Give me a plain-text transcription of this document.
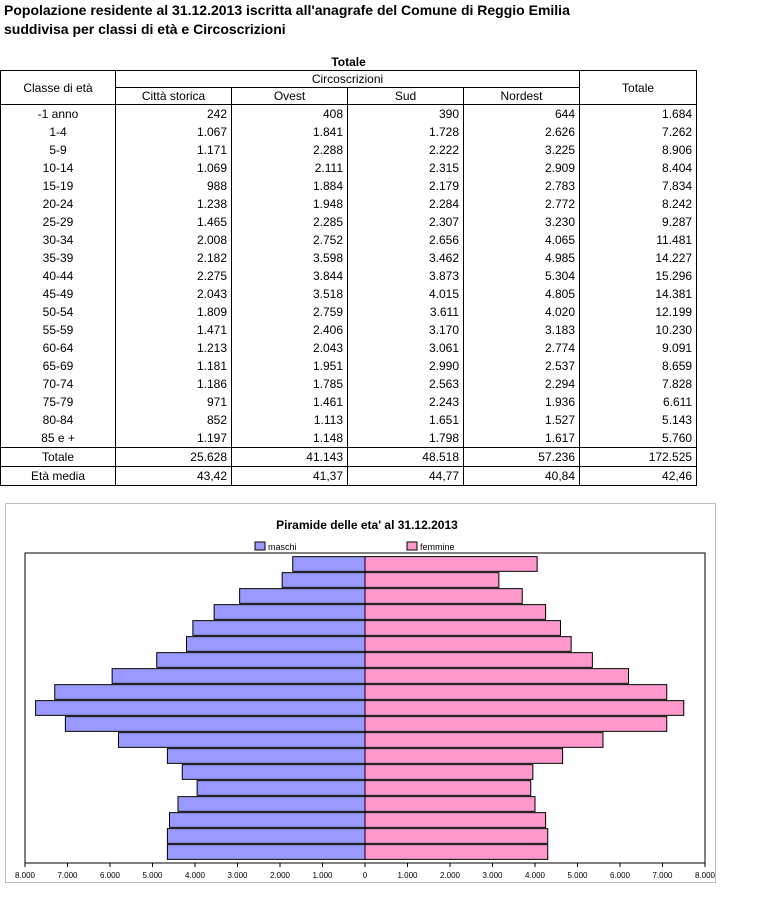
Popolazione residente al 31.12.2013 iscritta all'anagrafe del Comune di Reggio Emilia
suddivisa per classi di età e Circoscrizioni
Totale					
Classe di età	Circoscrizioni				Totale
	Città storica	Ovest	Sud	Nordest	
-1 anno	242	408	390	644	1.684
1-4	1.067	1.841	1.728	2.626	7.262
5-9	1.171	2.288	2.222	3.225	8.906
10-14	1.069	2.111	2.315	2.909	8.404
15-19	988	1.884	2.179	2.783	7.834
20-24	1.238	1.948	2.284	2.772	8.242
25-29	1.465	2.285	2.307	3.230	9.287
30-34	2.008	2.752	2.656	4.065	11.481
35-39	2.182	3.598	3.462	4.985	14.227
40-44	2.275	3.844	3.873	5.304	15.296
45-49	2.043	3.518	4.015	4.805	14.381
50-54	1.809	2.759	3.611	4.020	12.199
55-59	1.471	2.406	3.170	3.183	10.230
60-64	1.213	2.043	3.061	2.774	9.091
65-69	1.181	1.951	2.990	2.537	8.659
70-74	1.186	1.785	2.563	2.294	7.828
75-79	971	1.461	2.243	1.936	6.611
80-84	852	1.113	1.651	1.527	5.143
85 e +	1.197	1.148	1.798	1.617	5.760
Totale	25.628	41.143	48.518	57.236	172.525
Età media	43,42	41,37	44,77	40,84	42,46
Piramide delle eta' al 31.12.2013
maschi	femmine
8.000	7.000	6.000	5.000	4.000	3.000	2.000	1.000	0	1.000	2.000	3.000	4.000	5.000	6.000	7.000	8.000
